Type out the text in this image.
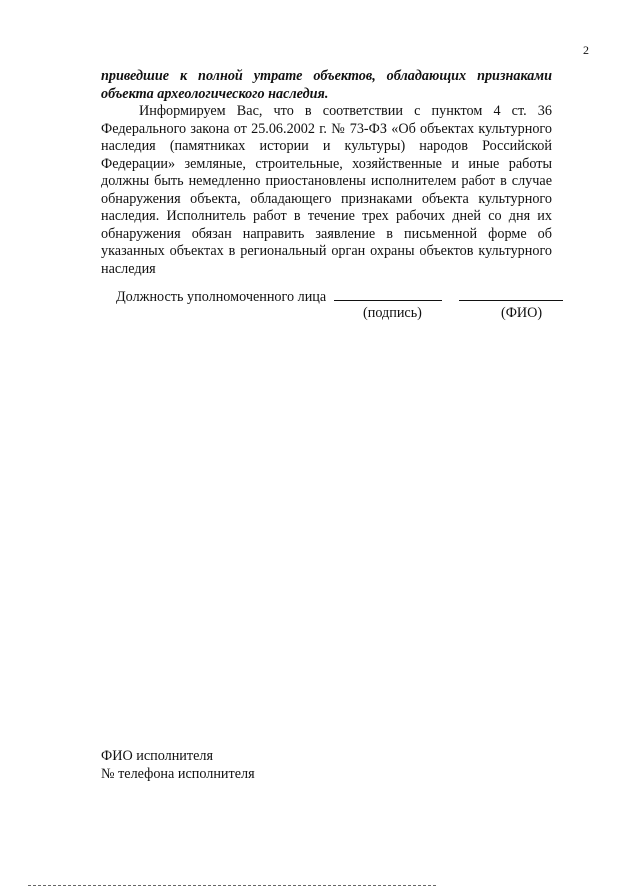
2
приведшие к полной утрате объектов, обладающих признаками объекта археологического наследия.
Информируем Вас, что в соответствии с пунктом 4 ст. 36 Федерального закона от 25.06.2002 г. № 73-ФЗ «Об объектах культурного наследия (памятниках истории и культуры) народов Российской Федерации» земляные, строительные, хозяйственные и иные работы должны быть немедленно приостановлены исполнителем работ в случае обнаружения объекта, обладающего признаками объекта культурного наследия. Исполнитель работ в течение трех рабочих дней со дня их обнаружения обязан направить заявление в письменной форме об указанных объектах в региональный орган охраны объектов культурного наследия
Должность уполномоченного лица
(подпись)	(ФИО)
ФИО исполнителя
№ телефона исполнителя
